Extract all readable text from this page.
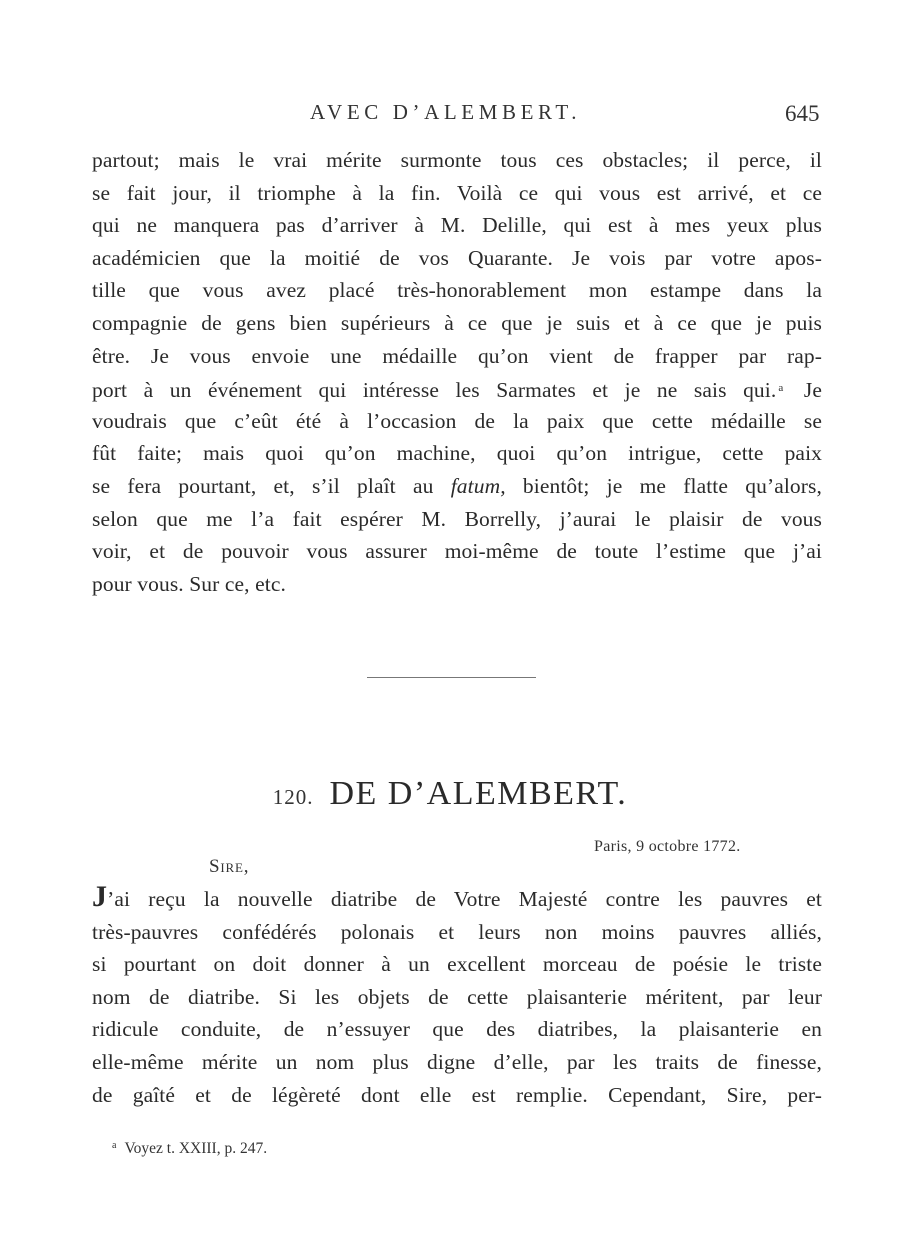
AVEC D’ALEMBERT.	645
partout; mais le vrai mérite surmonte tous ces obstacles; il perce, il
se fait jour, il triomphe à la fin. Voilà ce qui vous est arrivé, et ce
qui ne manquera pas d’arriver à M. Delille, qui est à mes yeux plus
académicien que la moitié de vos Quarante. Je vois par votre apos-
tille que vous avez placé très-honorablement mon estampe dans la
compagnie de gens bien supérieurs à ce que je suis et à ce que je puis
être. Je vous envoie une médaille qu’on vient de frapper par rap-
port à un événement qui intéresse les Sarmates et je ne sais qui. $^a$ Je
voudrais que c’eût été à l’occasion de la paix que cette médaille se
fût faite; mais quoi qu’on machine, quoi qu’on intrigue, cette paix
se fera pourtant, et, s’il plaît au fatum, bientôt; je me flatte qu’alors,
selon que me l’a fait espérer M. Borrelly, j’aurai le plaisir de vous
voir, et de pouvoir vous assurer moi-même de toute l’estime que j’ai
pour vous. Sur ce, etc.
120. DE D’ALEMBERT.
Paris, 9 octobre 1772.
Sire,
J’ai reçu la nouvelle diatribe de Votre Majesté contre les pauvres et
très-pauvres confédérés polonais et leurs non moins pauvres alliés,
si pourtant on doit donner à un excellent morceau de poésie le triste
nom de diatribe. Si les objets de cette plaisanterie méritent, par leur
ridicule conduite, de n’essuyer que des diatribes, la plaisanterie en
elle-même mérite un nom plus digne d’elle, par les traits de finesse,
de gaîté et de légèreté dont elle est remplie. Cependant, Sire, per-
$^a$ Voyez t. XXIII, p. 247.
